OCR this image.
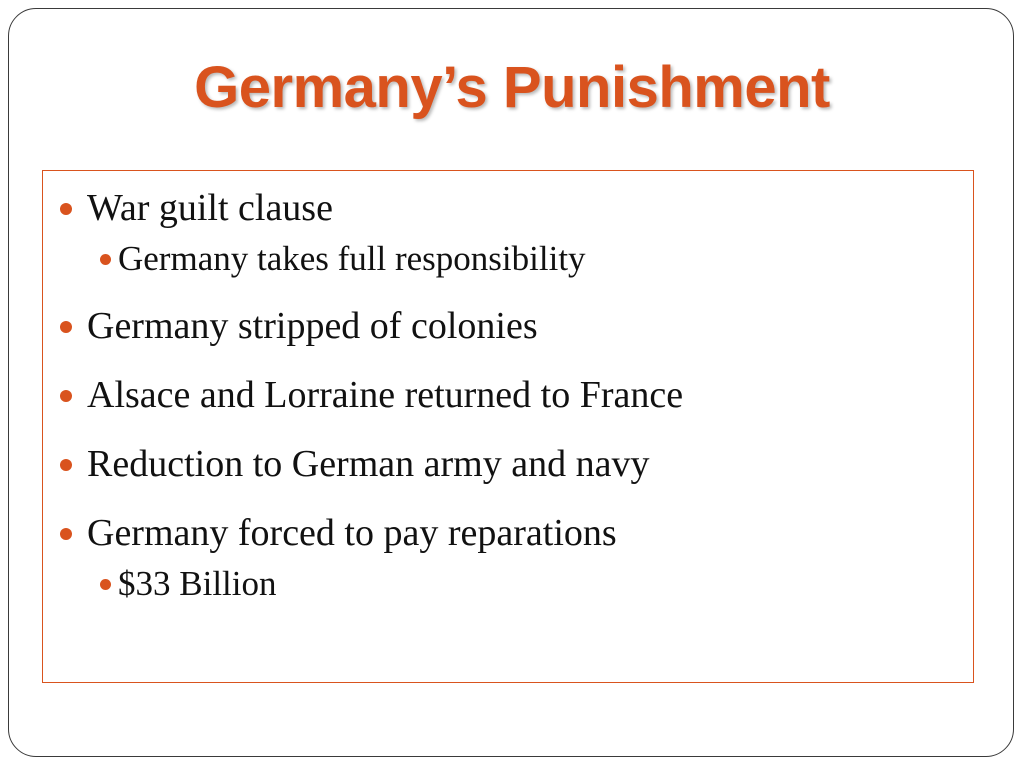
Germany’s Punishment
War guilt clause
Germany takes full responsibility
Germany stripped of colonies
Alsace and Lorraine returned to France
Reduction to German army and navy
Germany forced to pay reparations
$33 Billion
